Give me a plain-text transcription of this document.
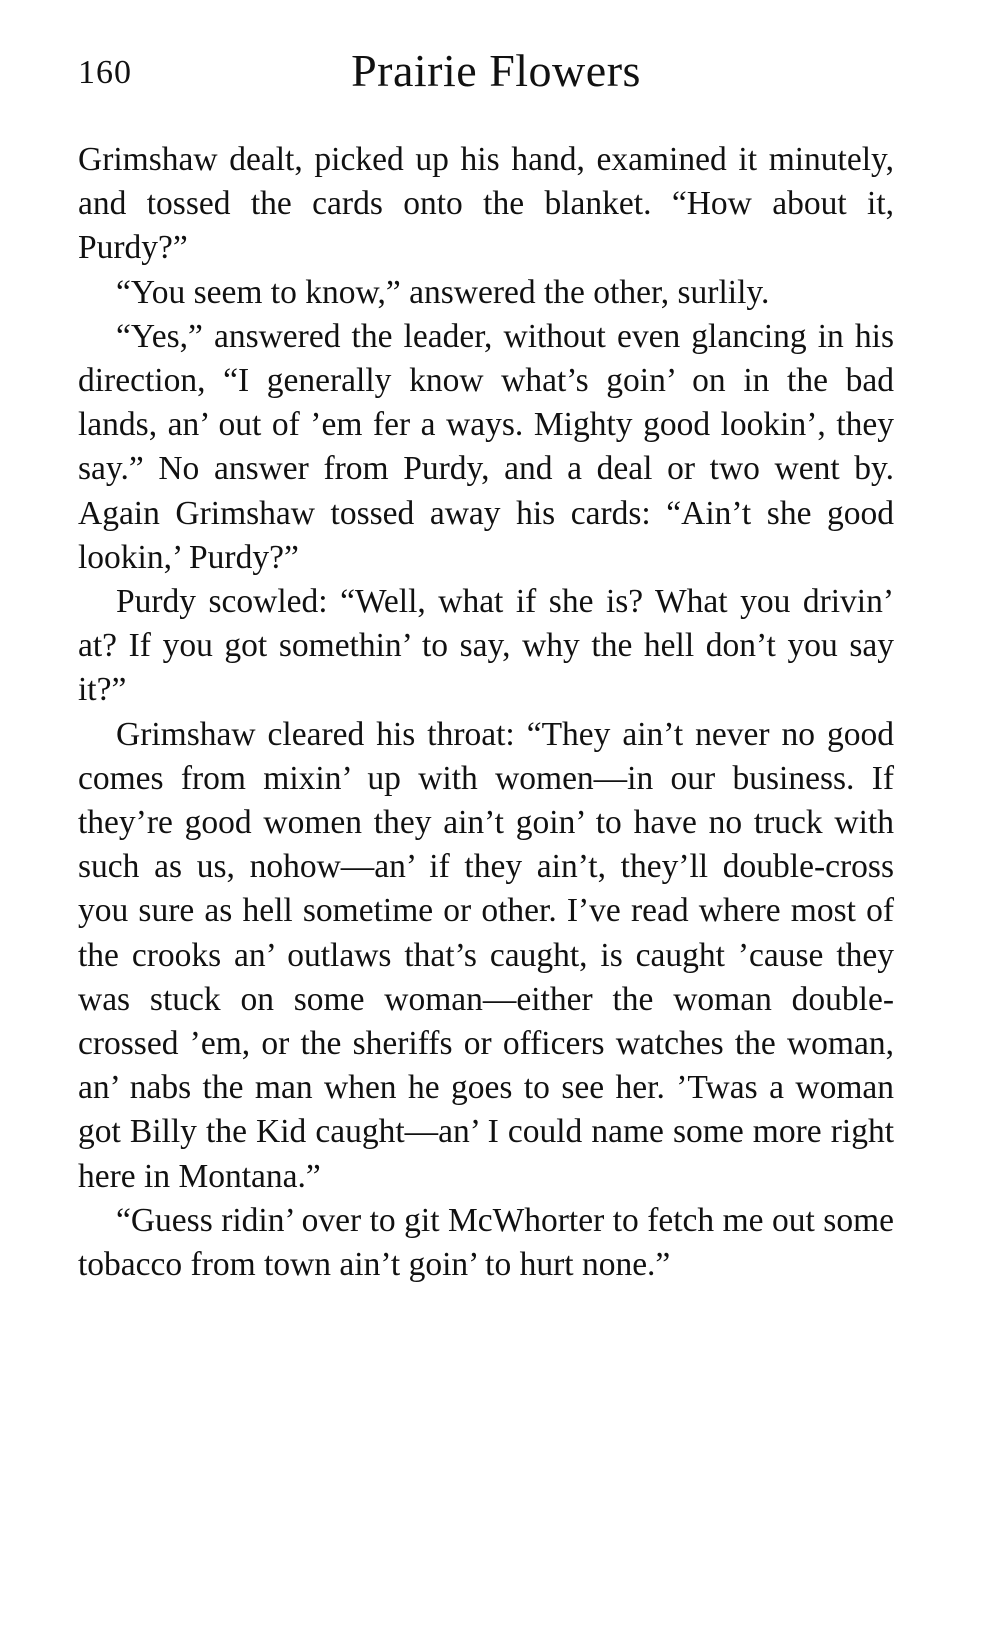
160	Prairie Flowers

Grimshaw dealt, picked up his hand, examined it minutely, and tossed the cards onto the blanket. “How about it, Purdy?”

“You seem to know,” answered the other, surlily.

“Yes,” answered the leader, without even glancing in his direction, “I generally know what’s goin’ on in the bad lands, an’ out of ’em fer a ways. Mighty good lookin’, they say.” No answer from Purdy, and a deal or two went by. Again Grimshaw tossed away his cards: “Ain’t she good lookin,’ Purdy?”

Purdy scowled: “Well, what if she is? What you drivin’ at? If you got somethin’ to say, why the hell don’t you say it?”

Grimshaw cleared his throat: “They ain’t never no good comes from mixin’ up with women—in our business. If they’re good women they ain’t goin’ to have no truck with such as us, nohow—an’ if they ain’t, they’ll double-cross you sure as hell sometime or other. I’ve read where most of the crooks an’ outlaws that’s caught, is caught ’cause they was stuck on some woman—either the woman double-crossed ’em, or the sheriffs or officers watches the woman, an’ nabs the man when he goes to see her. ’Twas a woman got Billy the Kid caught—an’ I could name some more right here in Montana.”

“Guess ridin’ over to git McWhorter to fetch me out some tobacco from town ain’t goin’ to hurt none.”
